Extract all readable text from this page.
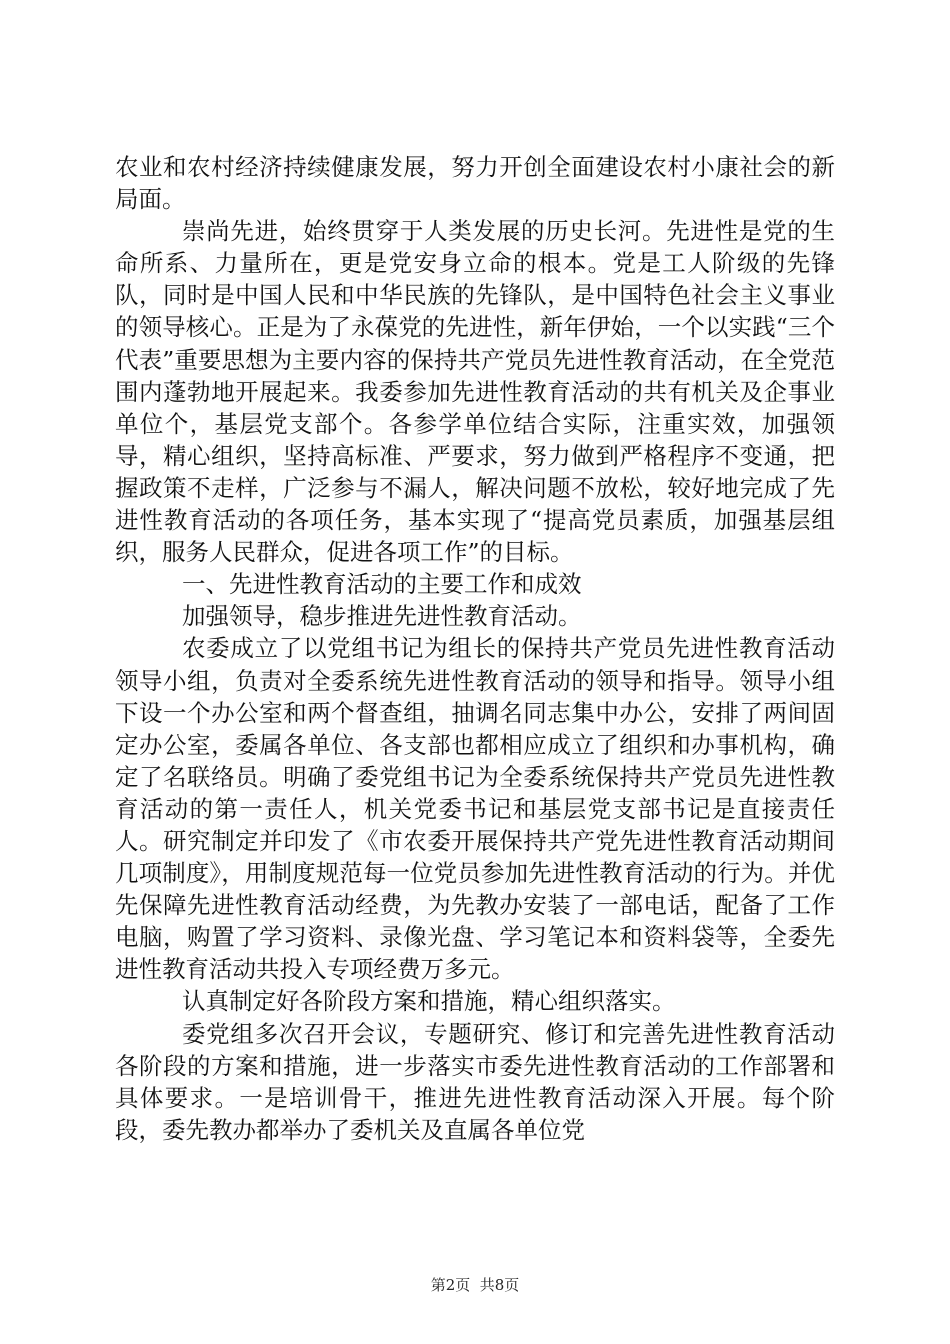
农业和农村经济持续健康发展，努力开创全面建设农村小康社会的新局面。

崇尚先进，始终贯穿于人类发展的历史长河。先进性是党的生命所系、力量所在，更是党安身立命的根本。党是工人阶级的先锋队，同时是中国人民和中华民族的先锋队，是中国特色社会主义事业的领导核心。正是为了永葆党的先进性，新年伊始，一个以实践“三个代表”重要思想为主要内容的保持共产党员先进性教育活动，在全党范围内蓬勃地开展起来。我委参加先进性教育活动的共有机关及企事业单位个，基层党支部个。各参学单位结合实际，注重实效，加强领导，精心组织，坚持高标准、严要求，努力做到严格程序不变通，把握政策不走样，广泛参与不漏人，解决问题不放松，较好地完成了先进性教育活动的各项任务，基本实现了“提高党员素质，加强基层组织，服务人民群众，促进各项工作”的目标。

一、先进性教育活动的主要工作和成效

加强领导，稳步推进先进性教育活动。

农委成立了以党组书记为组长的保持共产党员先进性教育活动领导小组，负责对全委系统先进性教育活动的领导和指导。领导小组下设一个办公室和两个督查组，抽调名同志集中办公，安排了两间固定办公室，委属各单位、各支部也都相应成立了组织和办事机构，确定了名联络员。明确了委党组书记为全委系统保持共产党员先进性教育活动的第一责任人，机关党委书记和基层党支部书记是直接责任人。研究制定并印发了《市农委开展保持共产党先进性教育活动期间几项制度》，用制度规范每一位党员参加先进性教育活动的行为。并优先保障先进性教育活动经费，为先教办安装了一部电话，配备了工作电脑，购置了学习资料、录像光盘、学习笔记本和资料袋等，全委先进性教育活动共投入专项经费万多元。

认真制定好各阶段方案和措施，精心组织落实。

委党组多次召开会议，专题研究、修订和完善先进性教育活动各阶段的方案和措施，进一步落实市委先进性教育活动的工作部署和具体要求。一是培训骨干，推进先进性教育活动深入开展。每个阶段，委先教办都举办了委机关及直属各单位党

第2页  共8页
